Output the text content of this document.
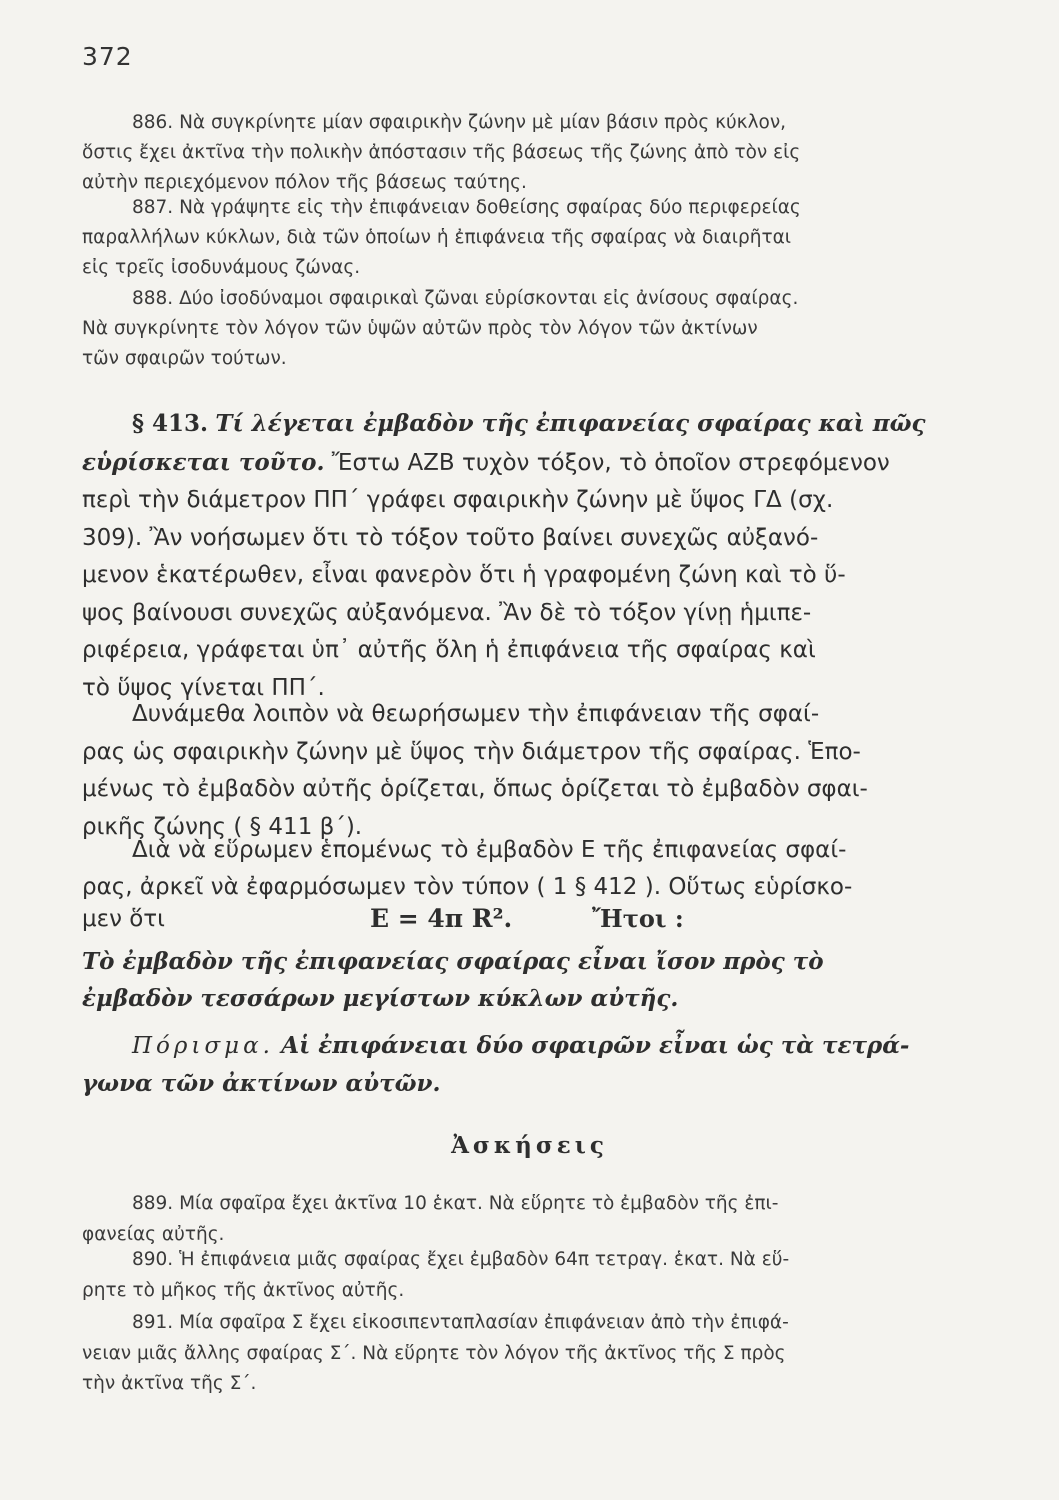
372

886. Νὰ συγκρίνητε μίαν σφαιρικὴν ζώνην μὲ μίαν βάσιν πρὸς κύκλον,

ὅστις ἔχει ἀκτῖνα τὴν πολικὴν ἀπόστασιν τῆς βάσεως τῆς ζώνης ἀπὸ τὸν εἰς

αὐτὴν περιεχόμενον πόλον τῆς βάσεως ταύτης.

887. Νὰ γράψητε εἰς τὴν ἐπιφάνειαν δοθείσης σφαίρας δύο περιφερείας

παραλλήλων κύκλων, διὰ τῶν ὁποίων ἡ ἐπιφάνεια τῆς σφαίρας νὰ διαιρῆται

εἰς τρεῖς ἰσοδυνάμους ζώνας.

888. Δύο ἰσοδύναμοι σφαιρικαὶ ζῶναι εὑρίσκονται εἰς ἀνίσους σφαίρας.

Νὰ συγκρίνητε τὸν λόγον τῶν ὑψῶν αὐτῶν πρὸς τὸν λόγον τῶν ἀκτίνων

τῶν σφαιρῶν τούτων.

§ 413. Τί λέγεται ἐμβαδὸν τῆς ἐπιφανείας σφαίρας καὶ πῶς

εὑρίσκεται τοῦτο. Ἔστω ΑΖΒ τυχὸν τόξον, τὸ ὁποῖον στρεφόμενον

περὶ τὴν διάμετρον ΠΠ΄ γράφει σφαιρικὴν ζώνην μὲ ὕψος ΓΔ (σχ.

309). Ἂν νοήσωμεν ὅτι τὸ τόξον τοῦτο βαίνει συνεχῶς αὐξανό-

μενον ἑκατέρωθεν, εἶναι φανερὸν ὅτι ἡ γραφομένη ζώνη καὶ τὸ ὕ-

ψος βαίνουσι συνεχῶς αὐξανόμενα. Ἂν δὲ τὸ τόξον γίνῃ ἡμιπε-

ριφέρεια, γράφεται ὑπ᾿ αὐτῆς ὅλη ἡ ἐπιφάνεια τῆς σφαίρας καὶ

τὸ ὕψος γίνεται ΠΠ΄.

Δυνάμεθα λοιπὸν νὰ θεωρήσωμεν τὴν ἐπιφάνειαν τῆς σφαί-

ρας ὡς σφαιρικὴν ζώνην μὲ ὕψος τὴν διάμετρον τῆς σφαίρας. Ἑπο-

μένως τὸ ἐμβαδὸν αὐτῆς ὁρίζεται, ὅπως ὁρίζεται τὸ ἐμβαδὸν σφαι-

ρικῆς ζώνης ( § 411 β΄).

Διὰ νὰ εὕρωμεν ἑπομένως τὸ ἐμβαδὸν Ε τῆς ἐπιφανείας σφαί-

ρας, ἀρκεῖ νὰ ἐφαρμόσωμεν τὸν τύπον ( 1 § 412 ). Οὕτως εὑρίσκο-

μεν ὅτι	Ε = 4π R².	Ἤτοι :

Τὸ ἐμβαδὸν τῆς ἐπιφανείας σφαίρας εἶναι ἴσον πρὸς τὸ

ἐμβαδὸν τεσσάρων μεγίστων κύκλων αὐτῆς.

Πόρισμα. Αἱ ἐπιφάνειαι δύο σφαιρῶν εἶναι ὡς τὰ τετρά-

γωνα τῶν ἀκτίνων αὐτῶν.

Ἀσκήσεις

889. Μία σφαῖρα ἔχει ἀκτῖνα 10 ἑκατ. Νὰ εὕρητε τὸ ἐμβαδὸν τῆς ἐπι-

φανείας αὐτῆς.

890. Ἡ ἐπιφάνεια μιᾶς σφαίρας ἔχει ἐμβαδὸν 64π τετραγ. ἑκατ. Νὰ εὕ-

ρητε τὸ μῆκος τῆς ἀκτῖνος αὐτῆς.

891. Μία σφαῖρα Σ ἔχει εἰκοσιπενταπλασίαν ἐπιφάνειαν ἀπὸ τὴν ἐπιφά-

νειαν μιᾶς ἄλλης σφαίρας Σ΄. Νὰ εὕρητε τὸν λόγον τῆς ἀκτῖνος τῆς Σ πρὸς

τὴν ἀκτῖνα τῆς Σ΄.
